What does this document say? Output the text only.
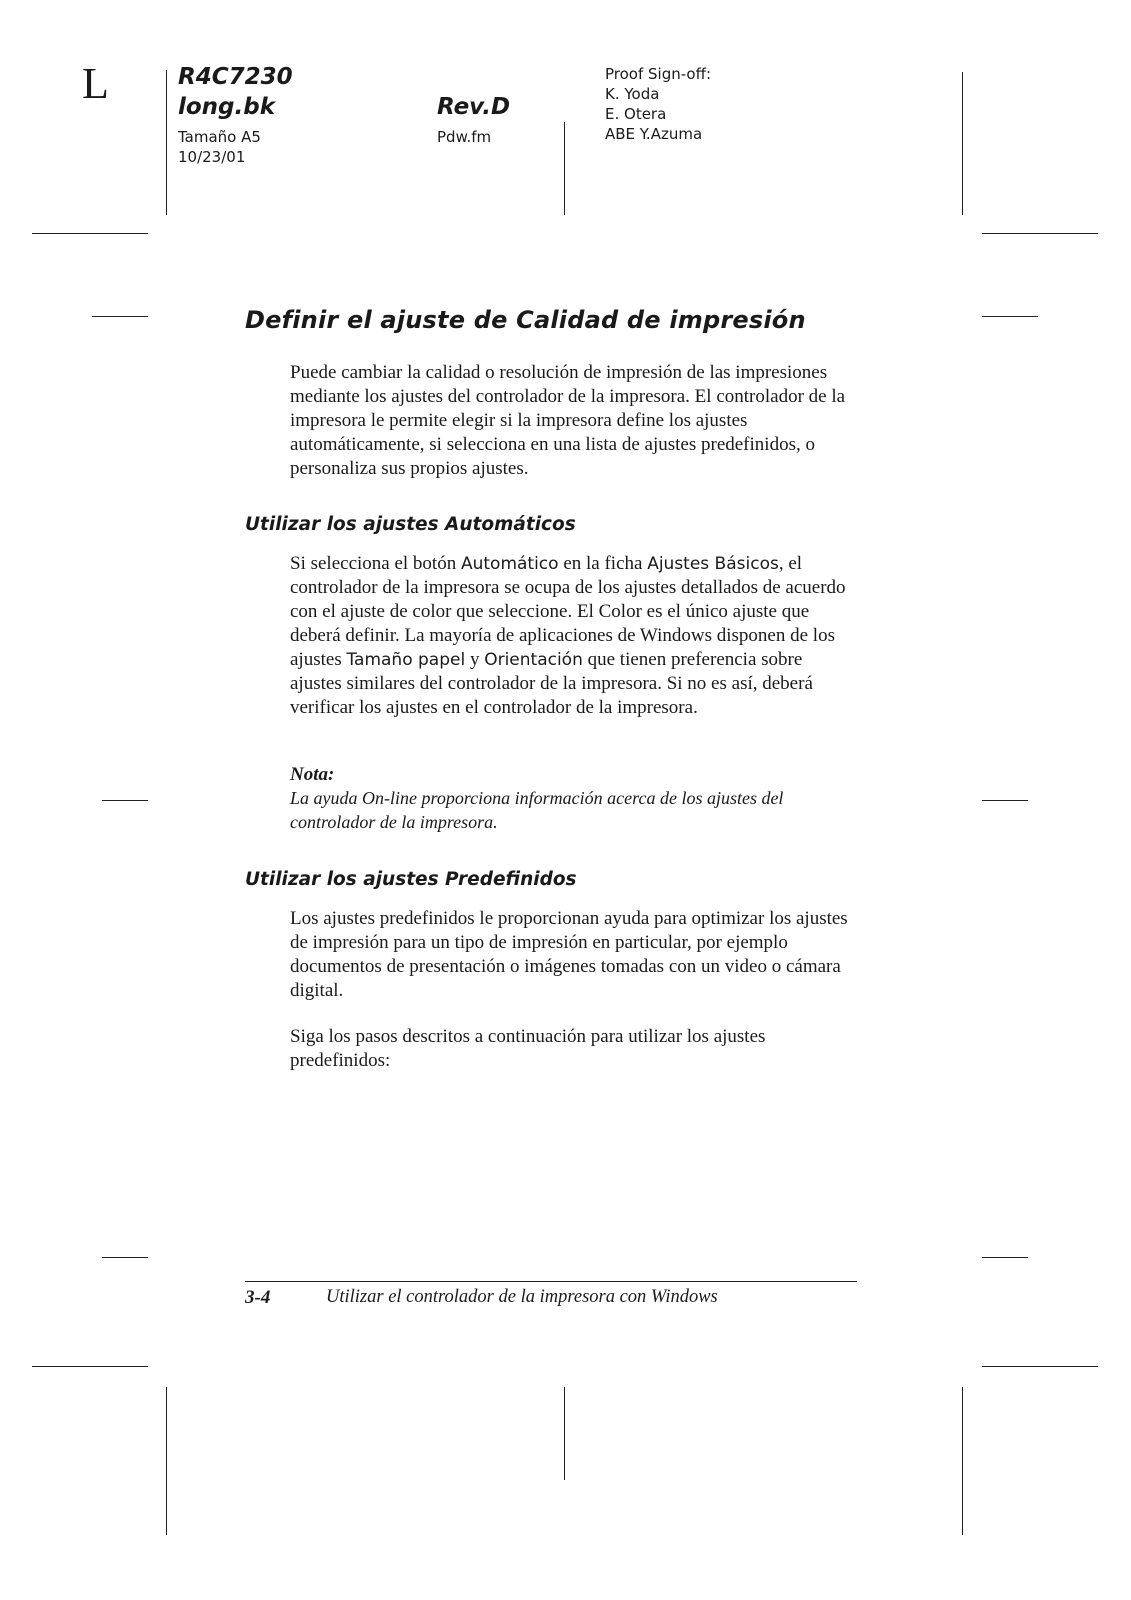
L	R4C7230
long.bk	Rev.D
Tamaño A5
10/23/01
Pdw.fm
Proof Sign-off:
K. Yoda
E. Otera
ABE Y.Azuma
Definir el ajuste de Calidad de impresión
Puede cambiar la calidad o resolución de impresión de las impresiones mediante los ajustes del controlador de la impresora. El controlador de la impresora le permite elegir si la impresora define los ajustes automáticamente, si selecciona en una lista de ajustes predefinidos, o personaliza sus propios ajustes.
Utilizar los ajustes Automáticos
Si selecciona el botón Automático en la ficha Ajustes Básicos, el controlador de la impresora se ocupa de los ajustes detallados de acuerdo con el ajuste de color que seleccione. El Color es el único ajuste que deberá definir. La mayoría de aplicaciones de Windows disponen de los ajustes Tamaño papel y Orientación que tienen preferencia sobre ajustes similares del controlador de la impresora. Si no es así, deberá verificar los ajustes en el controlador de la impresora.
Nota:
La ayuda On-line proporciona información acerca de los ajustes del controlador de la impresora.
Utilizar los ajustes Predefinidos
Los ajustes predefinidos le proporcionan ayuda para optimizar los ajustes de impresión para un tipo de impresión en particular, por ejemplo documentos de presentación o imágenes tomadas con un video o cámara digital.
Siga los pasos descritos a continuación para utilizar los ajustes predefinidos:
3-4	Utilizar el controlador de la impresora con Windows
